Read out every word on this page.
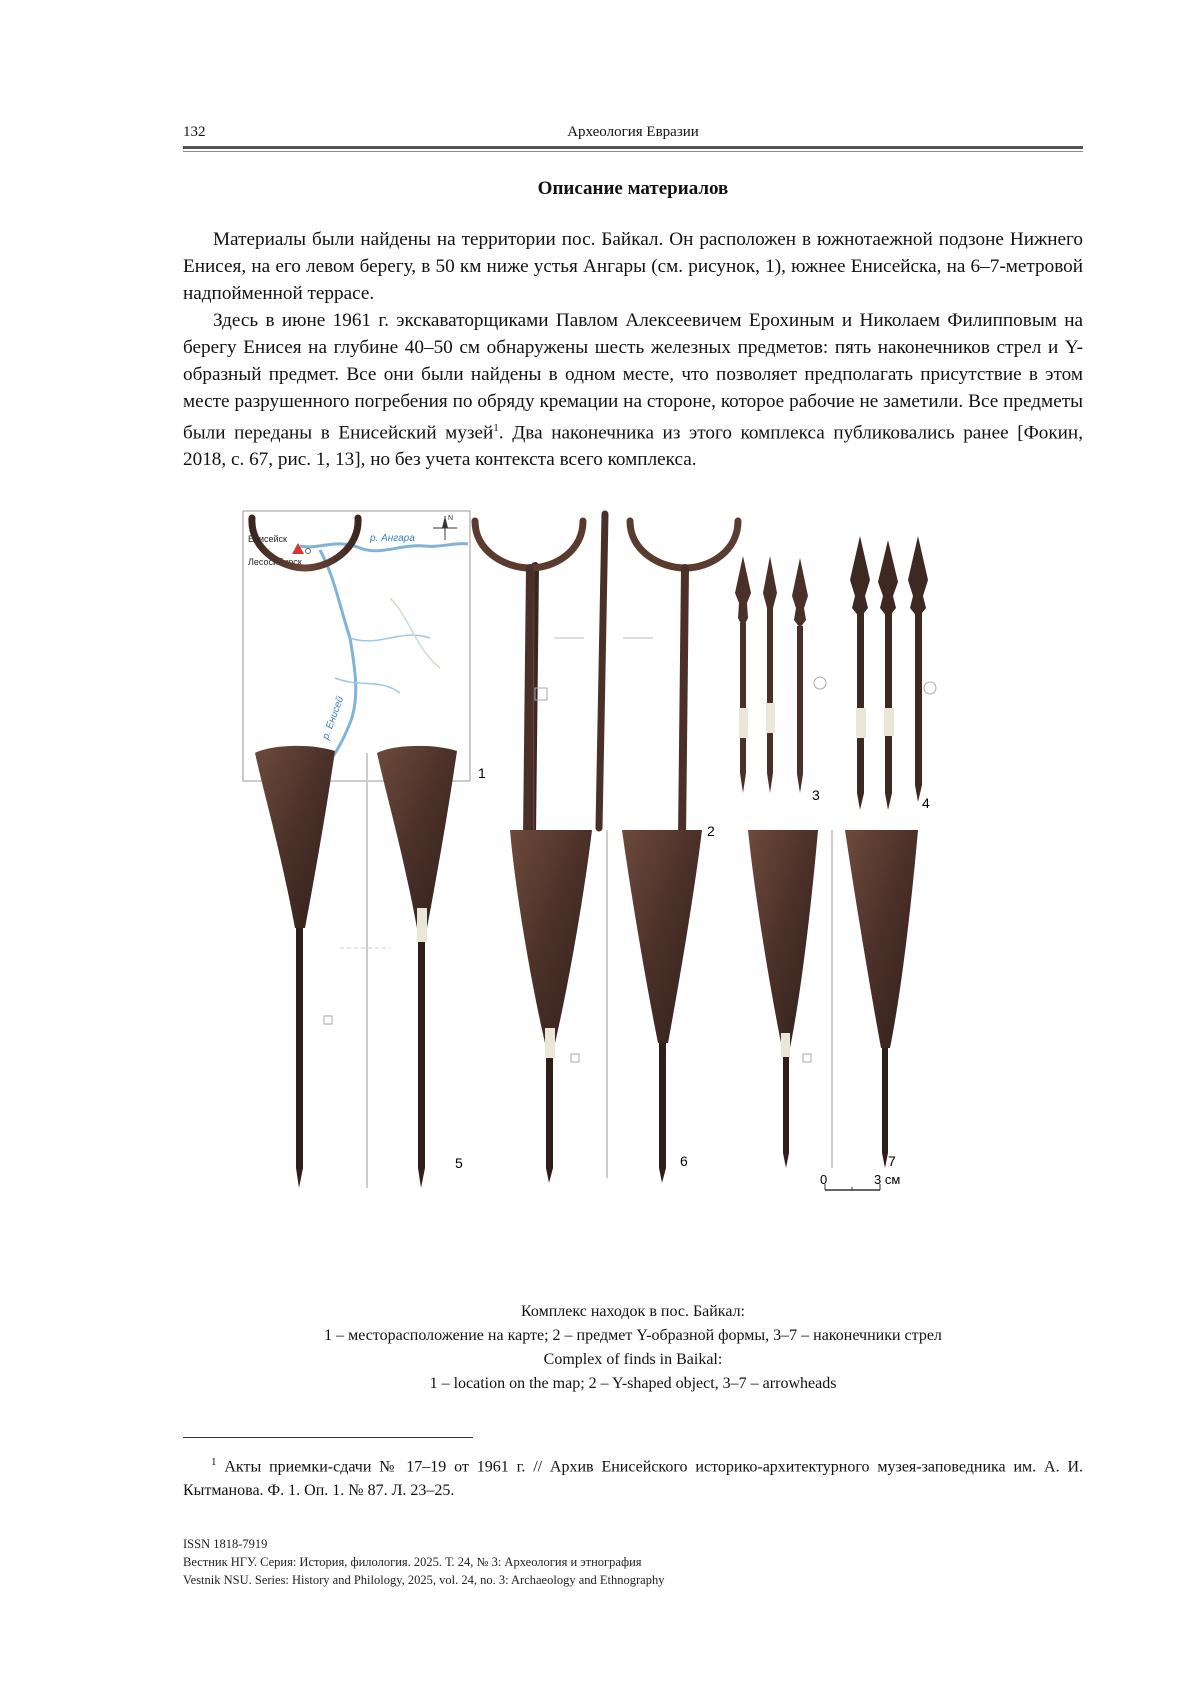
132	Археология Евразии
Описание материалов

Материалы были найдены на территории пос. Байкал. Он расположен в южнотаежной подзоне Нижнего Енисея, на его левом берегу, в 50 км ниже устья Ангары (см. рисунок, 1), южнее Енисейска, на 6–7-метровой надпойменной террасе.

Здесь в июне 1961 г. экскаваторщиками Павлом Алексеевичем Ерохиным и Николаем Филипповым на берегу Енисея на глубине 40–50 см обнаружены шесть железных предметов: пять наконечников стрел и Y-образный предмет. Все они были найдены в одном месте, что позволяет предполагать присутствие в этом месте разрушенного погребения по обряду кремации на стороне, которое рабочие не заметили. Все предметы были переданы в Енисейский музей$^1$. Два наконечника из этого комплекса публиковались ранее [Фокин, 2018, с. 67, рис. 1, 13], но без учета контекста всего комплекса.

Енисейск
Лесосибирск
р. Ангара
р. Енисей
N
1
2
3	4
5	6	7
0	3 см
Комплекс находок в пос. Байкал:
1 – месторасположение на карте; 2 – предмет Y-образной формы, 3–7 – наконечники стрел
Complex of finds in Baikal:
1 – location on the map; 2 – Y-shaped object, 3–7 – arrowheads

$^1$ Акты приемки-сдачи № 17–19 от 1961 г. // Архив Енисейского историко-архитектурного музея-заповедника им. А. И. Кытманова. Ф. 1. Оп. 1. № 87. Л. 23–25.

ISSN 1818-7919
Вестник НГУ. Серия: История, филология. 2025. Т. 24, № 3: Археология и этнография
Vestnik NSU. Series: History and Philology, 2025, vol. 24, no. 3: Archaeology and Ethnography
